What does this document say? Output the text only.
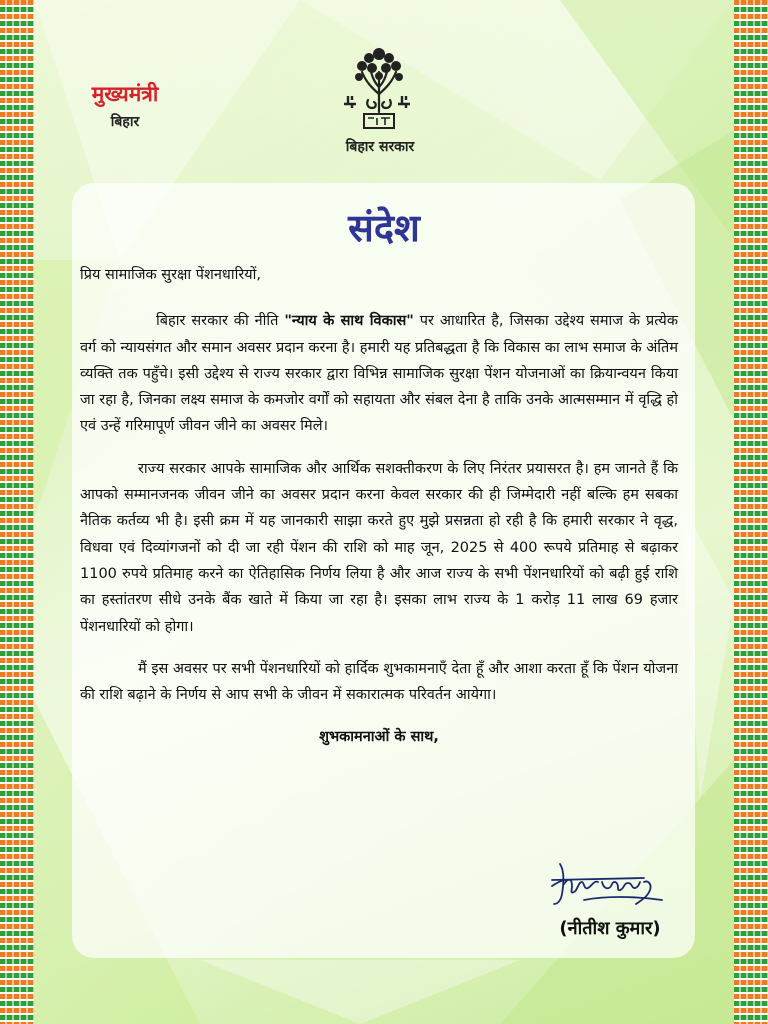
मुख्यमंत्री
बिहार
बिहार सरकार
संदेश

प्रिय सामाजिक सुरक्षा पेंशनधारियों,

बिहार सरकार की नीति "न्याय के साथ विकास" पर आधारित है, जिसका उद्देश्य समाज के प्रत्येक वर्ग को न्यायसंगत और समान अवसर प्रदान करना है। हमारी यह प्रतिबद्धता है कि विकास का लाभ समाज के अंतिम व्यक्ति तक पहुँचे। इसी उद्देश्य से राज्य सरकार द्वारा विभिन्न सामाजिक सुरक्षा पेंशन योजनाओं का क्रियान्वयन किया जा रहा है, जिनका लक्ष्य समाज के कमजोर वर्गों को सहायता और संबल देना है ताकि उनके आत्मसम्मान में वृद्धि हो एवं उन्हें गरिमापूर्ण जीवन जीने का अवसर मिले।

राज्य सरकार आपके सामाजिक और आर्थिक सशक्तीकरण के लिए निरंतर प्रयासरत है। हम जानते हैं कि आपको सम्मानजनक जीवन जीने का अवसर प्रदान करना केवल सरकार की ही जिम्मेदारी नहीं बल्कि हम सबका नैतिक कर्तव्य भी है। इसी क्रम में यह जानकारी साझा करते हुए मुझे प्रसन्नता हो रही है कि हमारी सरकार ने वृद्ध, विधवा एवं दिव्यांगजनों को दी जा रही पेंशन की राशि को माह जून, 2025 से 400 रूपये प्रतिमाह से बढ़ाकर 1100 रुपये प्रतिमाह करने का ऐतिहासिक निर्णय लिया है और आज राज्य के सभी पेंशनधारियों को बढ़ी हुई राशि का हस्तांतरण सीधे उनके बैंक खाते में किया जा रहा है। इसका लाभ राज्य के 1 करोड़ 11 लाख 69 हजार पेंशनधारियों को होगा।

मैं इस अवसर पर सभी पेंशनधारियों को हार्दिक शुभकामनाएँ देता हूँ और आशा करता हूँ कि पेंशन योजना की राशि बढ़ाने के निर्णय से आप सभी के जीवन में सकारात्मक परिवर्तन आयेगा।

शुभकामनाओं के साथ,

(नीतीश कुमार)
